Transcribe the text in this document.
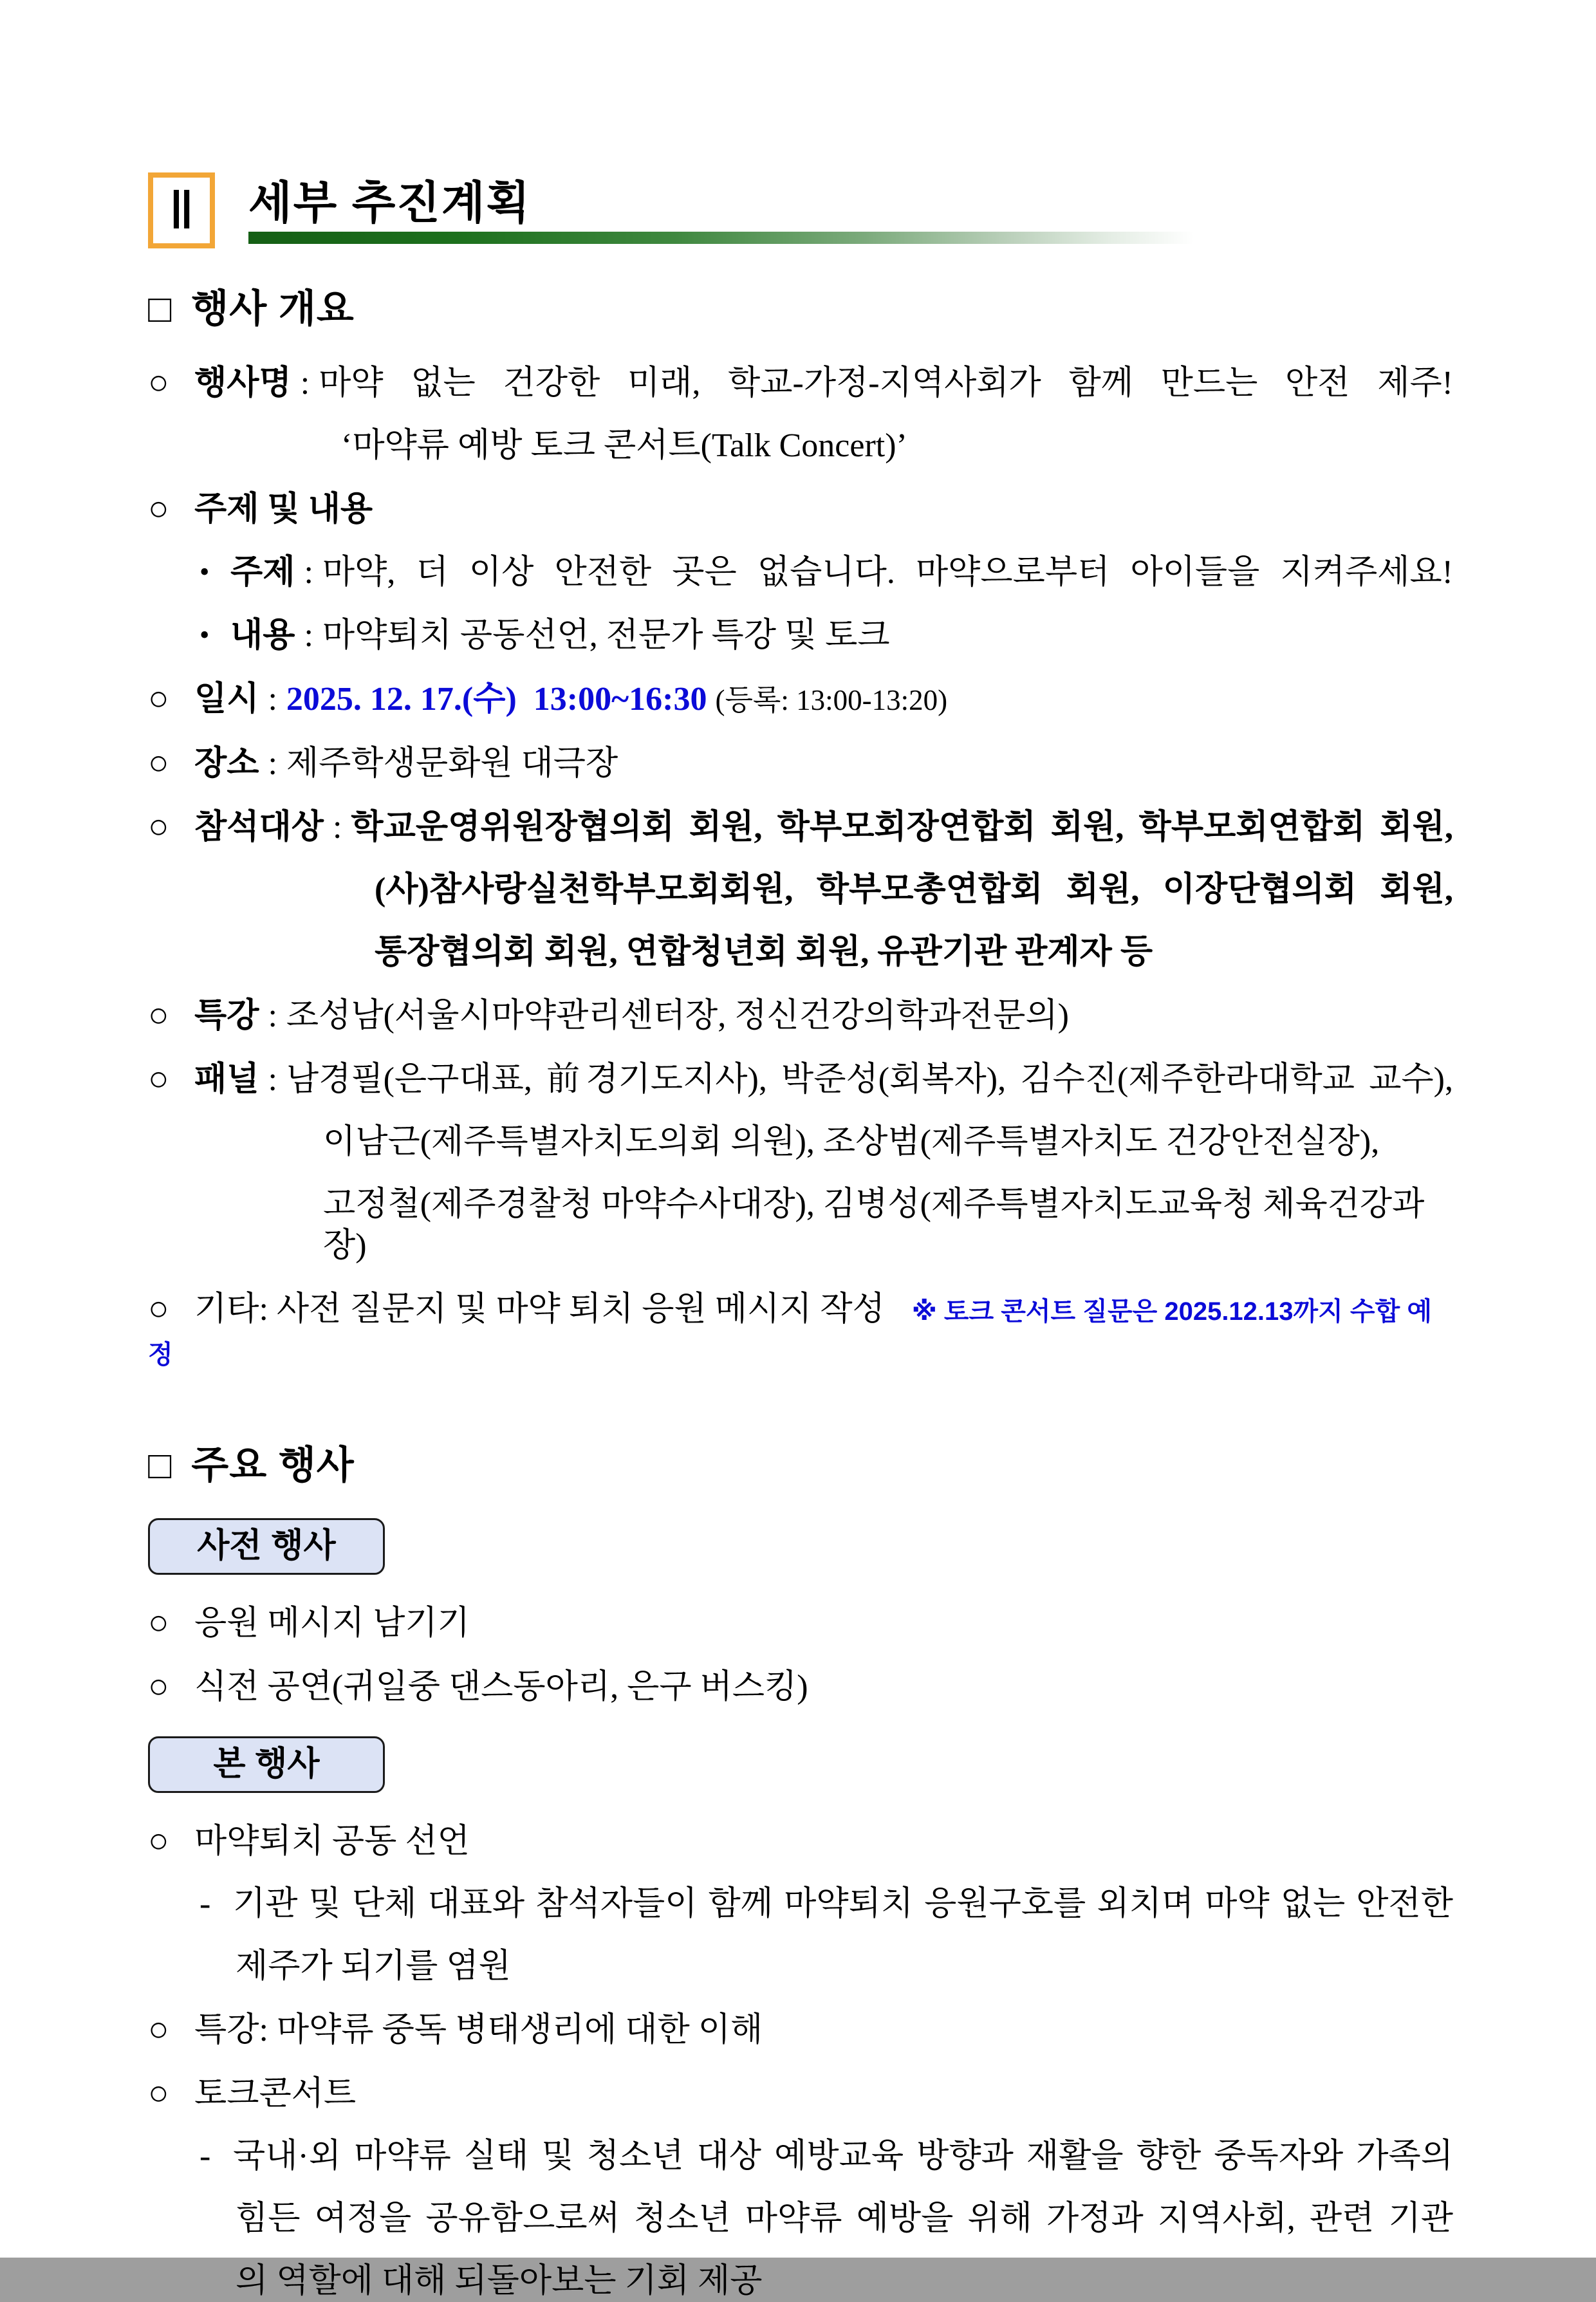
Ⅱ 세부 추진계획
□ 행사 개요
○ 행사명 : 마약 없는 건강한 미래, 학교-가정-지역사회가 함께 만드는 안전 제주!
‘마약류 예방 토크 콘서트(Talk Concert)’
○ 주제 및 내용
• 주제 : 마약, 더 이상 안전한 곳은 없습니다. 마약으로부터 아이들을 지켜주세요!
• 내용 : 마약퇴치 공동선언, 전문가 특강 및 토크
○ 일시 : 2025. 12. 17.(수)  13:00~16:30 (등록: 13:00-13:20)
○ 장소 : 제주학생문화원 대극장
○ 참석대상 : 학교운영위원장협의회 회원, 학부모회장연합회 회원, 학부모회연합회 회원,
(사)참사랑실천학부모회회원, 학부모총연합회 회원, 이장단협의회 회원,
통장협의회 회원, 연합청년회 회원, 유관기관 관계자 등
○ 특강 : 조성남(서울시마약관리센터장, 정신건강의학과전문의)
○ 패널 : 남경필(은구대표, 前경기도지사), 박준성(회복자), 김수진(제주한라대학교 교수),
이남근(제주특별자치도의회 의원), 조상범(제주특별자치도 건강안전실장),
고정철(제주경찰청 마약수사대장), 김병성(제주특별자치도교육청 체육건강과장)
○ 기타: 사전 질문지 및 마약 퇴치 응원 메시지 작성 ※ 토크 콘서트 질문은 2025.12.13까지 수합 예정
□ 주요 행사
사전 행사
○ 응원 메시지 남기기
○ 식전 공연(귀일중 댄스동아리, 은구 버스킹)
본 행사
○ 마약퇴치 공동 선언
- 기관 및 단체 대표와 참석자들이 함께 마약퇴치 응원구호를 외치며 마약 없는 안전한
제주가 되기를 염원
○ 특강: 마약류 중독 병태생리에 대한 이해
○ 토크콘서트
- 국내·외 마약류 실태 및 청소년 대상 예방교육 방향과 재활을 향한 중독자와 가족의
힘든 여정을 공유함으로써 청소년 마약류 예방을 위해 가정과 지역사회, 관련 기관
의 역할에 대해 되돌아보는 기회 제공
